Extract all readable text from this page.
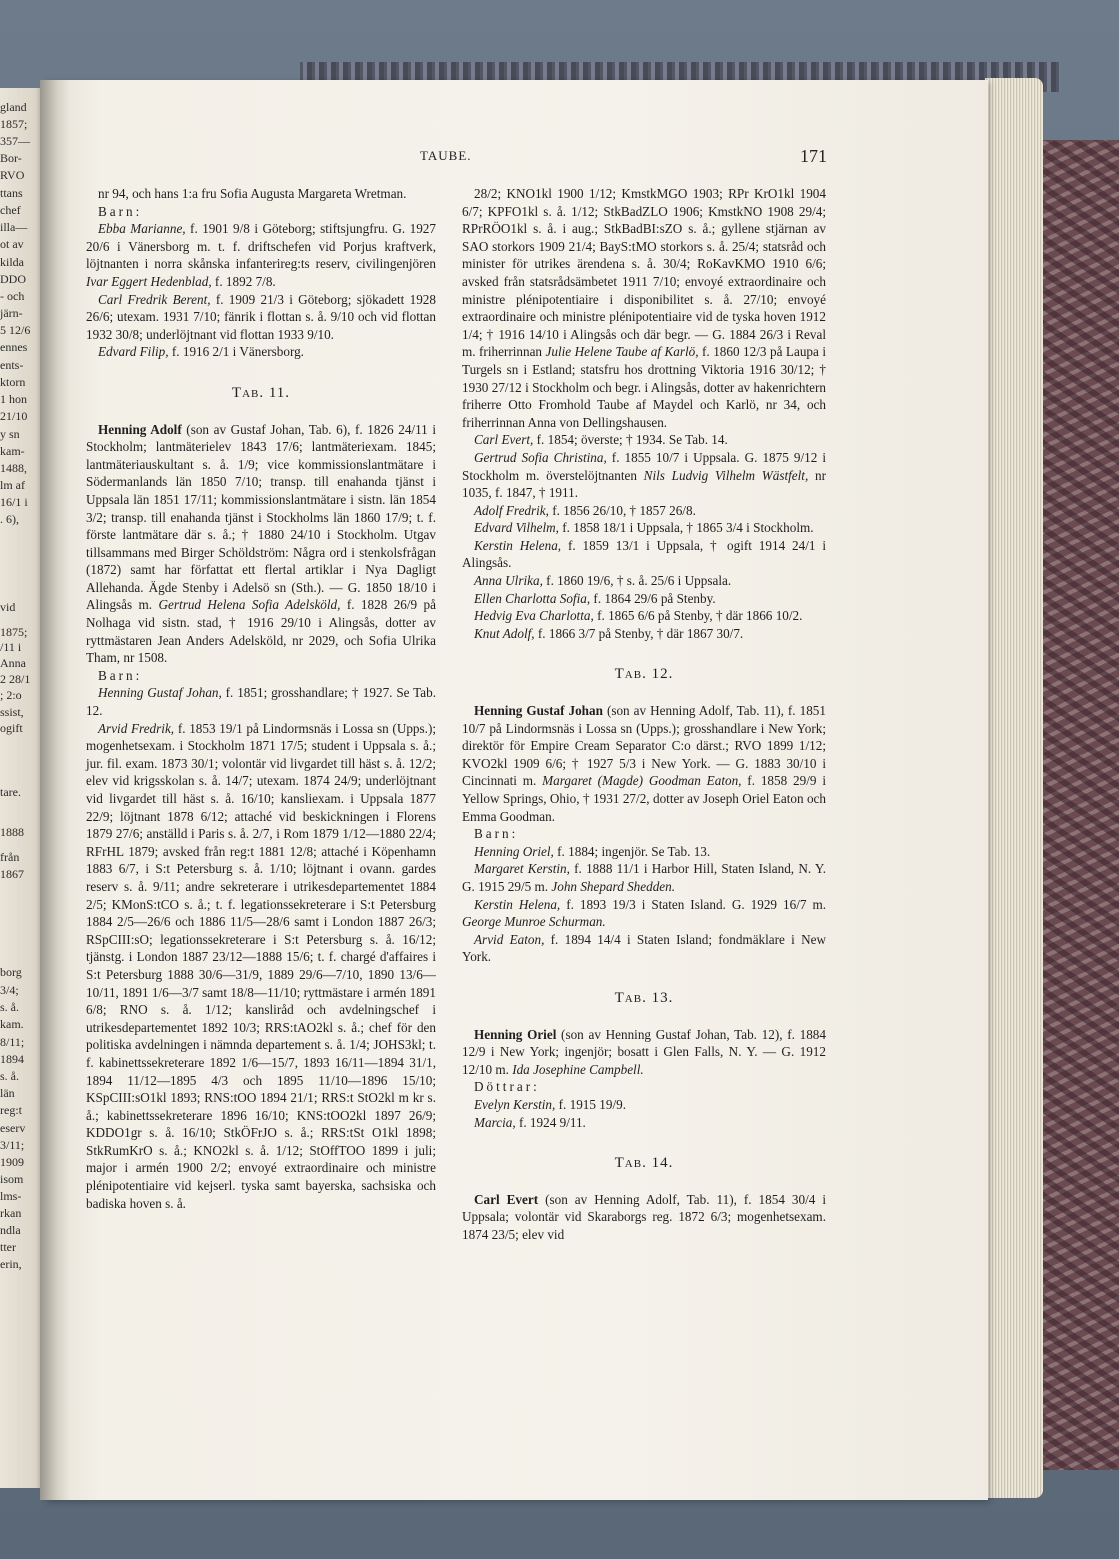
gland
1857;
357—
Bor-
RVO
ttans
chef
illa—
ot av
kilda
DDO
- och
järn-
5 12/6
ennes
ents-
ktorn
1 hon
21/10
y sn
kam-
1488,
lm af
16/1 i
. 6),
vid
1875;
/11 i
Anna
2 28/1
; 2:o
ssist,
ogift
tare.
1888
från
1867
borg
3/4;
s. å.
kam.
8/11;
1894
s. å.
län
reg:t
eserv
3/11;
1909
isom
lms-
rkan
ndla
tter
erin,
TAUBE.	171

nr 94, och hans 1:a fru Sofia Augusta Margareta Wretman.

Barn:

Ebba Marianne, f. 1901 9/8 i Göteborg; stiftsjungfru. G. 1927 20/6 i Vänersborg m. t. f. driftschefen vid Porjus kraftverk, löjtnanten i norra skånska infanterireg:ts reserv, civilingenjören Ivar Eggert Hedenblad, f. 1892 7/8.

Carl Fredrik Berent, f. 1909 21/3 i Göteborg; sjökadett 1928 26/6; utexam. 1931 7/10; fänrik i flottan s. å. 9/10 och vid flottan 1932 30/8; underlöjtnant vid flottan 1933 9/10.

Edvard Filip, f. 1916 2/1 i Vänersborg.

Tab. 11.

Henning Adolf (son av Gustaf Johan, Tab. 6), f. 1826 24/11 i Stockholm; lantmäterielev 1843 17/6; lantmäteriexam. 1845; lantmäteriauskultant s. å. 1/9; vice kommissionslantmätare i Södermanlands län 1850 7/10; transp. till enahanda tjänst i Uppsala län 1851 17/11; kommissionslantmätare i sistn. län 1854 3/2; transp. till enahanda tjänst i Stockholms län 1860 17/9; t. f. förste lantmätare där s. å.; † 1880 24/10 i Stockholm. Utgav tillsammans med Birger Schöldström: Några ord i stenkolsfrågan (1872) samt har författat ett flertal artiklar i Nya Dagligt Allehanda. Ägde Stenby i Adelsö sn (Sth.). — G. 1850 18/10 i Alingsås m. Gertrud Helena Sofia Adelsköld, f. 1828 26/9 på Nolhaga vid sistn. stad, † 1916 29/10 i Alingsås, dotter av ryttmästaren Jean Anders Adelsköld, nr 2029, och Sofia Ulrika Tham, nr 1508.

Barn:

Henning Gustaf Johan, f. 1851; grosshandlare; † 1927. Se Tab. 12.

Arvid Fredrik, f. 1853 19/1 på Lindormsnäs i Lossa sn (Upps.); mogenhetsexam. i Stockholm 1871 17/5; student i Uppsala s. å.; jur. fil. exam. 1873 30/1; volontär vid livgardet till häst s. å. 12/2; elev vid krigsskolan s. å. 14/7; utexam. 1874 24/9; underlöjtnant vid livgardet till häst s. å. 16/10; kansliexam. i Uppsala 1877 22/9; löjtnant 1878 6/12; attaché vid beskickningen i Florens 1879 27/6; anställd i Paris s. å. 2/7, i Rom 1879 1/12—1880 22/4; RFrHL 1879; avsked från reg:t 1881 12/8; attaché i Köpenhamn 1883 6/7, i S:t Petersburg s. å. 1/10; löjtnant i ovann. gardes reserv s. å. 9/11; andre sekreterare i utrikesdepartementet 1884 2/5; KMonS:tCO s. å.; t. f. legationssekreterare i S:t Petersburg 1884 2/5—26/6 och 1886 11/5—28/6 samt i London 1887 26/3; RSpCIII:sO; legationssekreterare i S:t Petersburg s. å. 16/12; tjänstg. i London 1887 23/12—1888 15/6; t. f. chargé d'affaires i S:t Petersburg 1888 30/6—31/9, 1889 29/6—7/10, 1890 13/6—10/11, 1891 1/6—3/7 samt 18/8—11/10; ryttmästare i armén 1891 6/8; RNO s. å. 1/12; kansliråd och avdelningschef i utrikesdepartementet 1892 10/3; RRS:tAO2kl s. å.; chef för den politiska avdelningen i nämnda departement s. å. 1/4; JOHS3kl; t. f. kabinettssekreterare 1892 1/6—15/7, 1893 16/11—1894 31/1, 1894 11/12—1895 4/3 och 1895 11/10—1896 15/10; KSpCIII:sO1kl 1893; RNS:tOO 1894 21/1; RRS:t StO2kl m kr s. å.; kabinettssekreterare 1896 16/10; KNS:tOO2kl 1897 26/9; KDDO1gr s. å. 16/10; StkÖFrJO s. å.; RRS:tSt O1kl 1898; StkRumKrO s. å.; KNO2kl s. å. 1/12; StOffTOO 1899 i juli; major i armén 1900 2/2; envoyé extraordinaire och ministre plénipotentiaire vid kejserl. tyska samt bayerska, sachsiska och badiska hoven s. å.

28/2; KNO1kl 1900 1/12; KmstkMGO 1903; RPr KrO1kl 1904 6/7; KPFO1kl s. å. 1/12; StkBadZLO 1906; KmstkNO 1908 29/4; RPrRÖO1kl s. å. i aug.; StkBadBI:sZO s. å.; gyllene stjärnan av SAO storkors 1909 21/4; BayS:tMO storkors s. å. 25/4; statsråd och minister för utrikes ärendena s. å. 30/4; RoKavKMO 1910 6/6; avsked från statsrådsämbetet 1911 7/10; envoyé extraordinaire och ministre plénipotentiaire i disponibilitet s. å. 27/10; envoyé extraordinaire och ministre plénipotentiaire vid de tyska hoven 1912 1/4; † 1916 14/10 i Alingsås och där begr. — G. 1884 26/3 i Reval m. friherrinnan Julie Helene Taube af Karlö, f. 1860 12/3 på Laupa i Turgels sn i Estland; statsfru hos drottning Viktoria 1916 30/12; † 1930 27/12 i Stockholm och begr. i Alingsås, dotter av hakenrichtern friherre Otto Fromhold Taube af Maydel och Karlö, nr 34, och friherrinnan Anna von Dellingshausen.

Carl Evert, f. 1854; överste; † 1934. Se Tab. 14.

Gertrud Sofia Christina, f. 1855 10/7 i Uppsala. G. 1875 9/12 i Stockholm m. överstelöjtnanten Nils Ludvig Vilhelm Wästfelt, nr 1035, f. 1847, † 1911.

Adolf Fredrik, f. 1856 26/10, † 1857 26/8.

Edvard Vilhelm, f. 1858 18/1 i Uppsala, † 1865 3/4 i Stockholm.

Kerstin Helena, f. 1859 13/1 i Uppsala, † ogift 1914 24/1 i Alingsås.

Anna Ulrika, f. 1860 19/6, † s. å. 25/6 i Uppsala.

Ellen Charlotta Sofia, f. 1864 29/6 på Stenby.

Hedvig Eva Charlotta, f. 1865 6/6 på Stenby, † där 1866 10/2.

Knut Adolf, f. 1866 3/7 på Stenby, † där 1867 30/7.

Tab. 12.

Henning Gustaf Johan (son av Henning Adolf, Tab. 11), f. 1851 10/7 på Lindormsnäs i Lossa sn (Upps.); grosshandlare i New York; direktör för Empire Cream Separator C:o därst.; RVO 1899 1/12; KVO2kl 1909 6/6; † 1927 5/3 i New York. — G. 1883 30/10 i Cincinnati m. Margaret (Magde) Goodman Eaton, f. 1858 29/9 i Yellow Springs, Ohio, † 1931 27/2, dotter av Joseph Oriel Eaton och Emma Goodman.

Barn:

Henning Oriel, f. 1884; ingenjör. Se Tab. 13.

Margaret Kerstin, f. 1888 11/1 i Harbor Hill, Staten Island, N. Y. G. 1915 29/5 m. John Shepard Shedden.

Kerstin Helena, f. 1893 19/3 i Staten Island. G. 1929 16/7 m. George Munroe Schurman.

Arvid Eaton, f. 1894 14/4 i Staten Island; fondmäklare i New York.

Tab. 13.

Henning Oriel (son av Henning Gustaf Johan, Tab. 12), f. 1884 12/9 i New York; ingenjör; bosatt i Glen Falls, N. Y. — G. 1912 12/10 m. Ida Josephine Campbell.

Döttrar:

Evelyn Kerstin, f. 1915 19/9.

Marcia, f. 1924 9/11.

Tab. 14.

Carl Evert (son av Henning Adolf, Tab. 11), f. 1854 30/4 i Uppsala; volontär vid Skaraborgs reg. 1872 6/3; mogenhetsexam. 1874 23/5; elev vid
